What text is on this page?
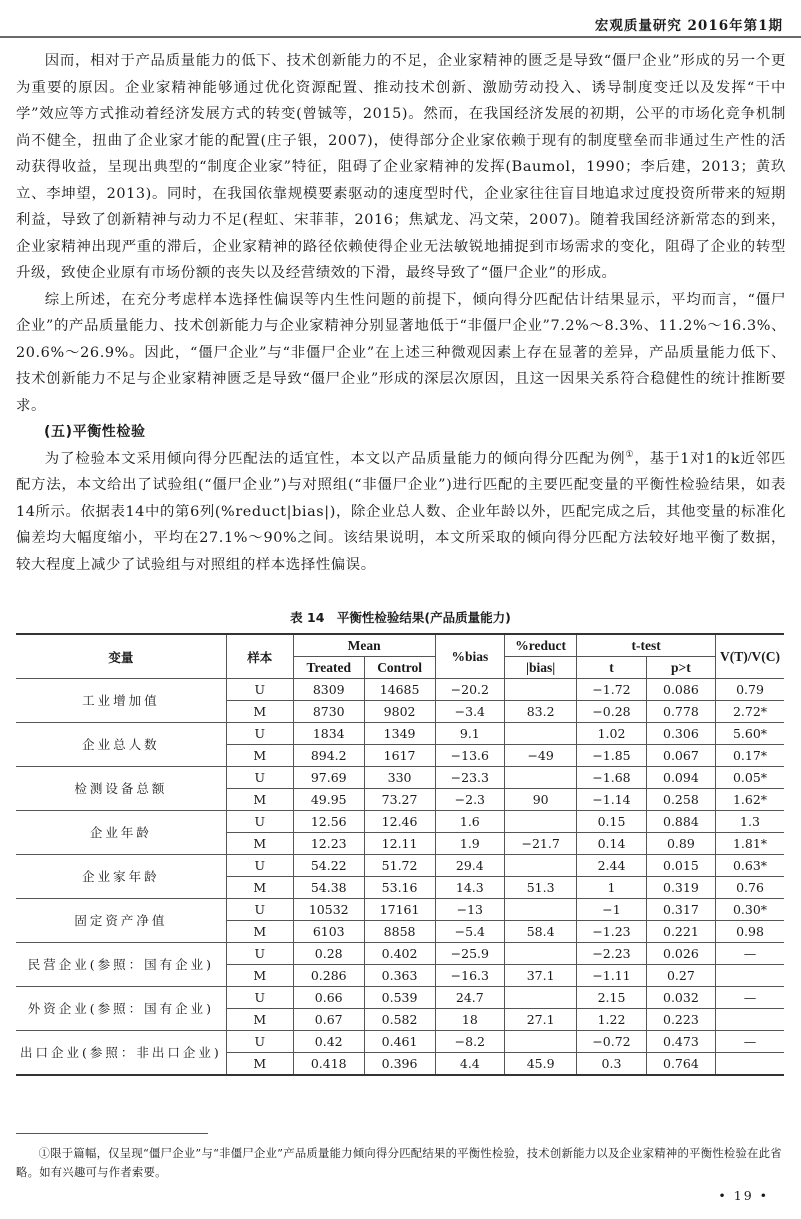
宏观质量研究 2016年第1期

因而，相对于产品质量能力的低下、技术创新能力的不足，企业家精神的匮乏是导致“僵尸企业”形成的另一个更为重要的原因。企业家精神能够通过优化资源配置、推动技术创新、激励劳动投入、诱导制度变迁以及发挥“干中学”效应等方式推动着经济发展方式的转变(曾铖等，2015)。然而，在我国经济发展的初期，公平的市场化竞争机制尚不健全，扭曲了企业家才能的配置(庄子银，2007)，使得部分企业家依赖于现有的制度壁垒而非通过生产性的活动获得收益，呈现出典型的“制度企业家”特征，阻碍了企业家精神的发挥(Baumol，1990；李后建，2013；黄玖立、李坤望，2013)。同时，在我国依靠规模要素驱动的速度型时代，企业家往往盲目地追求过度投资所带来的短期利益，导致了创新精神与动力不足(程虹、宋菲菲，2016；焦斌龙、冯文荣，2007)。随着我国经济新常态的到来，企业家精神出现严重的滞后，企业家精神的路径依赖使得企业无法敏锐地捕捉到市场需求的变化，阻碍了企业的转型升级，致使企业原有市场份额的丧失以及经营绩效的下滑，最终导致了“僵尸企业”的形成。

综上所述，在充分考虑样本选择性偏误等内生性问题的前提下，倾向得分匹配估计结果显示，平均而言，“僵尸企业”的产品质量能力、技术创新能力与企业家精神分别显著地低于“非僵尸企业”7.2%～8.3%、11.2%～16.3%、20.6%～26.9%。因此，“僵尸企业”与“非僵尸企业”在上述三种微观因素上存在显著的差异，产品质量能力低下、技术创新能力不足与企业家精神匮乏是导致“僵尸企业”形成的深层次原因，且这一因果关系符合稳健性的统计推断要求。

(五)平衡性检验

为了检验本文采用倾向得分匹配法的适宜性，本文以产品质量能力的倾向得分匹配为例①，基于1对1的k近邻匹配方法，本文给出了试验组(“僵尸企业”)与对照组(“非僵尸企业”)进行匹配的主要匹配变量的平衡性检验结果，如表14所示。依据表14中的第6列(%reduct|bias|)，除企业总人数、企业年龄以外，匹配完成之后，其他变量的标准化偏差均大幅度缩小，平均在27.1%～90%之间。该结果说明，本文所采取的倾向得分匹配方法较好地平衡了数据，较大程度上减少了试验组与对照组的样本选择性偏误。

表 14　平衡性检验结果(产品质量能力)
变量	样本	Mean		%bias	%reduct	t-test		V(T)/V(C)
		Treated	Control		|bias|	t	p>t	
工业增加值	U	8309	14685	−20.2		−1.72	0.086	0.79
	M	8730	9802	−3.4	83.2	−0.28	0.778	2.72*
企业总人数	U	1834	1349	9.1		1.02	0.306	5.60*
	M	894.2	1617	−13.6	−49	−1.85	0.067	0.17*
检测设备总额	U	97.69	330	−23.3		−1.68	0.094	0.05*
	M	49.95	73.27	−2.3	90	−1.14	0.258	1.62*
企业年龄	U	12.56	12.46	1.6		0.15	0.884	1.3
	M	12.23	12.11	1.9	−21.7	0.14	0.89	1.81*
企业家年龄	U	54.22	51.72	29.4		2.44	0.015	0.63*
	M	54.38	53.16	14.3	51.3	1	0.319	0.76
固定资产净值	U	10532	17161	−13		−1	0.317	0.30*
	M	6103	8858	−5.4	58.4	−1.23	0.221	0.98
民营企业(参照：国有企业)	U	0.28	0.402	−25.9		−2.23	0.026	—
	M	0.286	0.363	−16.3	37.1	−1.11	0.27	
外资企业(参照：国有企业)	U	0.66	0.539	24.7		2.15	0.032	—
	M	0.67	0.582	18	27.1	1.22	0.223	
出口企业(参照：非出口企业)	U	0.42	0.461	−8.2		−0.72	0.473	—
	M	0.418	0.396	4.4	45.9	0.3	0.764	

①限于篇幅，仅呈现“僵尸企业”与“非僵尸企业”产品质量能力倾向得分匹配结果的平衡性检验，技术创新能力以及企业家精神的平衡性检验在此省略。如有兴趣可与作者索要。

• 19 •
